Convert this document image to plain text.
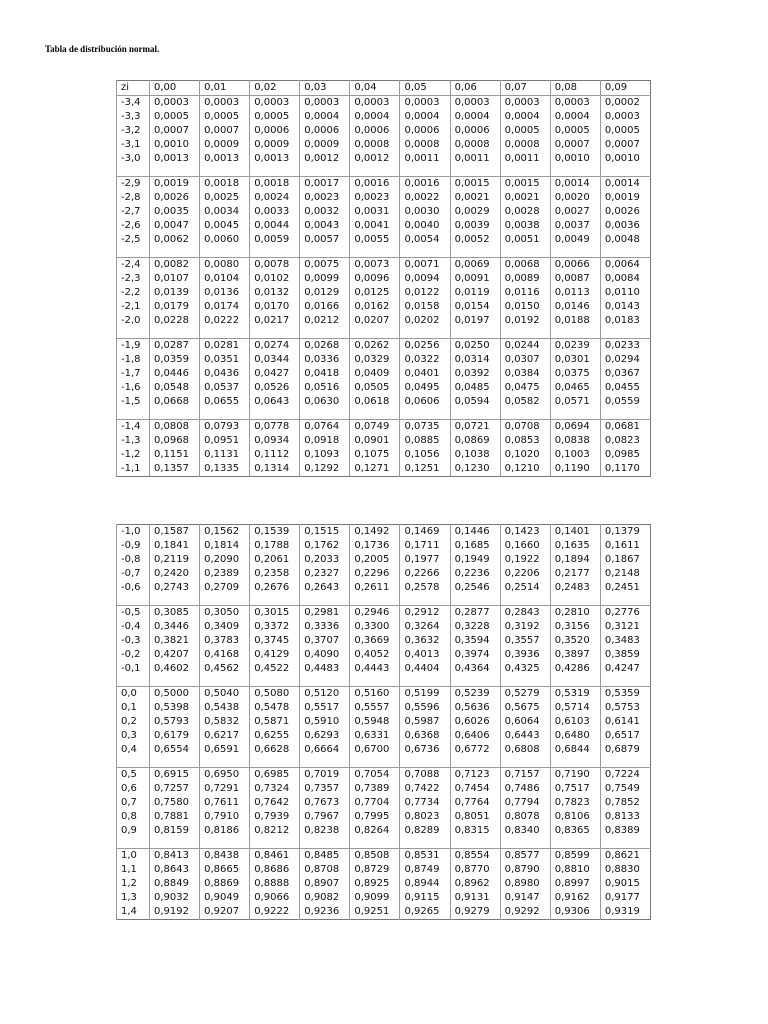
Tabla de distribución normal.
zi	0,00	0,01	0,02	0,03	0,04	0,05	0,06	0,07	0,08	0,09
-3,4	0,0003	0,0003	0,0003	0,0003	0,0003	0,0003	0,0003	0,0003	0,0003	0,0002
-3,3	0,0005	0,0005	0,0005	0,0004	0,0004	0,0004	0,0004	0,0004	0,0004	0,0003
-3,2	0,0007	0,0007	0,0006	0,0006	0,0006	0,0006	0,0006	0,0005	0,0005	0,0005
-3,1	0,0010	0,0009	0,0009	0,0009	0,0008	0,0008	0,0008	0,0008	0,0007	0,0007
-3,0	0,0013	0,0013	0,0013	0,0012	0,0012	0,0011	0,0011	0,0011	0,0010	0,0010

-2,9	0,0019	0,0018	0,0018	0,0017	0,0016	0,0016	0,0015	0,0015	0,0014	0,0014
-2,8	0,0026	0,0025	0,0024	0,0023	0,0023	0,0022	0,0021	0,0021	0,0020	0,0019
-2,7	0,0035	0,0034	0,0033	0,0032	0,0031	0,0030	0,0029	0,0028	0,0027	0,0026
-2,6	0,0047	0,0045	0,0044	0,0043	0,0041	0,0040	0,0039	0,0038	0,0037	0,0036
-2,5	0,0062	0,0060	0,0059	0,0057	0,0055	0,0054	0,0052	0,0051	0,0049	0,0048

-2,4	0,0082	0,0080	0,0078	0,0075	0,0073	0,0071	0,0069	0,0068	0,0066	0,0064
-2,3	0,0107	0,0104	0,0102	0,0099	0,0096	0,0094	0,0091	0,0089	0,0087	0,0084
-2,2	0,0139	0,0136	0,0132	0,0129	0,0125	0,0122	0,0119	0,0116	0,0113	0,0110
-2,1	0,0179	0,0174	0,0170	0,0166	0,0162	0,0158	0,0154	0,0150	0,0146	0,0143
-2,0	0,0228	0,0222	0,0217	0,0212	0,0207	0,0202	0,0197	0,0192	0,0188	0,0183

-1,9	0,0287	0,0281	0,0274	0,0268	0,0262	0,0256	0,0250	0,0244	0,0239	0,0233
-1,8	0,0359	0,0351	0,0344	0,0336	0,0329	0,0322	0,0314	0,0307	0,0301	0,0294
-1,7	0,0446	0,0436	0,0427	0,0418	0,0409	0,0401	0,0392	0,0384	0,0375	0,0367
-1,6	0,0548	0,0537	0,0526	0,0516	0,0505	0,0495	0,0485	0,0475	0,0465	0,0455
-1,5	0,0668	0,0655	0,0643	0,0630	0,0618	0,0606	0,0594	0,0582	0,0571	0,0559

-1,4	0,0808	0,0793	0,0778	0,0764	0,0749	0,0735	0,0721	0,0708	0,0694	0,0681
-1,3	0,0968	0,0951	0,0934	0,0918	0,0901	0,0885	0,0869	0,0853	0,0838	0,0823
-1,2	0,1151	0,1131	0,1112	0,1093	0,1075	0,1056	0,1038	0,1020	0,1003	0,0985
-1,1	0,1357	0,1335	0,1314	0,1292	0,1271	0,1251	0,1230	0,1210	0,1190	0,1170
-1,0	0,1587	0,1562	0,1539	0,1515	0,1492	0,1469	0,1446	0,1423	0,1401	0,1379
-0,9	0,1841	0,1814	0,1788	0,1762	0,1736	0,1711	0,1685	0,1660	0,1635	0,1611
-0,8	0,2119	0,2090	0,2061	0,2033	0,2005	0,1977	0,1949	0,1922	0,1894	0,1867
-0,7	0,2420	0,2389	0,2358	0,2327	0,2296	0,2266	0,2236	0,2206	0,2177	0,2148
-0,6	0,2743	0,2709	0,2676	0,2643	0,2611	0,2578	0,2546	0,2514	0,2483	0,2451

-0,5	0,3085	0,3050	0,3015	0,2981	0,2946	0,2912	0,2877	0,2843	0,2810	0,2776
-0,4	0,3446	0,3409	0,3372	0,3336	0,3300	0,3264	0,3228	0,3192	0,3156	0,3121
-0,3	0,3821	0,3783	0,3745	0,3707	0,3669	0,3632	0,3594	0,3557	0,3520	0,3483
-0,2	0,4207	0,4168	0,4129	0,4090	0,4052	0,4013	0,3974	0,3936	0,3897	0,3859
-0,1	0,4602	0,4562	0,4522	0,4483	0,4443	0,4404	0,4364	0,4325	0,4286	0,4247

0,0	0,5000	0,5040	0,5080	0,5120	0,5160	0,5199	0,5239	0,5279	0,5319	0,5359
0,1	0,5398	0,5438	0,5478	0,5517	0,5557	0,5596	0,5636	0,5675	0,5714	0,5753
0,2	0,5793	0,5832	0,5871	0,5910	0,5948	0,5987	0,6026	0,6064	0,6103	0,6141
0,3	0,6179	0,6217	0,6255	0,6293	0,6331	0,6368	0,6406	0,6443	0,6480	0,6517
0,4	0,6554	0,6591	0,6628	0,6664	0,6700	0,6736	0,6772	0,6808	0,6844	0,6879

0,5	0,6915	0,6950	0,6985	0,7019	0,7054	0,7088	0,7123	0,7157	0,7190	0,7224
0,6	0,7257	0,7291	0,7324	0,7357	0,7389	0,7422	0,7454	0,7486	0,7517	0,7549
0,7	0,7580	0,7611	0,7642	0,7673	0,7704	0,7734	0,7764	0,7794	0,7823	0,7852
0,8	0,7881	0,7910	0,7939	0,7967	0,7995	0,8023	0,8051	0,8078	0,8106	0,8133
0,9	0,8159	0,8186	0,8212	0,8238	0,8264	0,8289	0,8315	0,8340	0,8365	0,8389

1,0	0,8413	0,8438	0,8461	0,8485	0,8508	0,8531	0,8554	0,8577	0,8599	0,8621
1,1	0,8643	0,8665	0,8686	0,8708	0,8729	0,8749	0,8770	0,8790	0,8810	0,8830
1,2	0,8849	0,8869	0,8888	0,8907	0,8925	0,8944	0,8962	0,8980	0,8997	0,9015
1,3	0,9032	0,9049	0,9066	0,9082	0,9099	0,9115	0,9131	0,9147	0,9162	0,9177
1,4	0,9192	0,9207	0,9222	0,9236	0,9251	0,9265	0,9279	0,9292	0,9306	0,9319
